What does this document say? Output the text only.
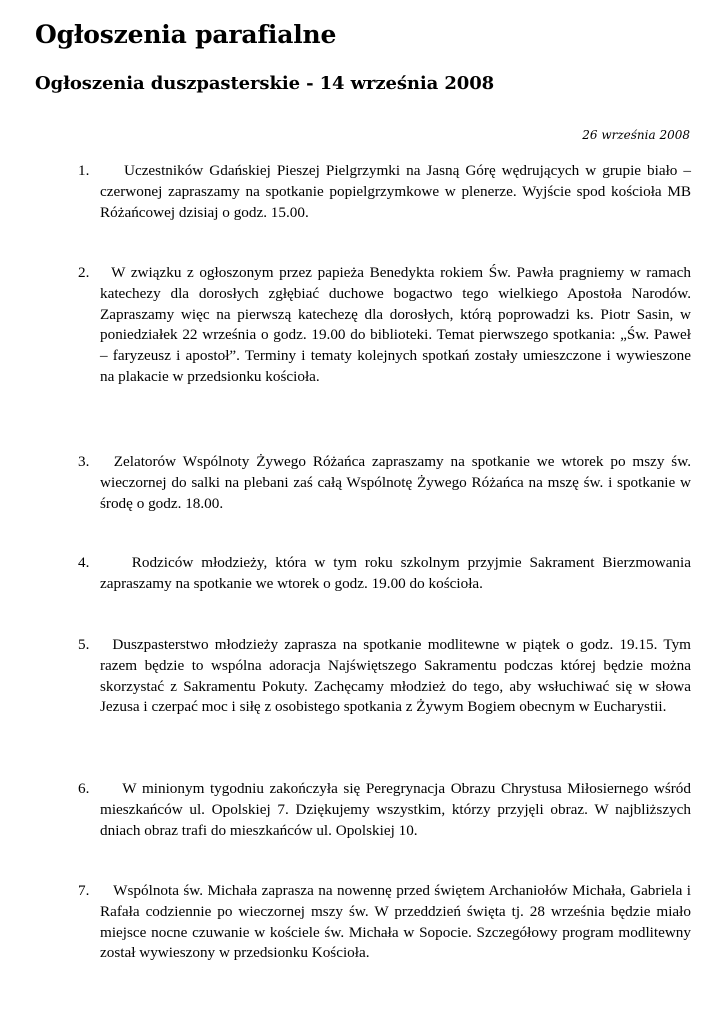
Ogłoszenia parafialne
Ogłoszenia duszpasterskie - 14 września 2008
26 września 2008
1. Uczestników Gdańskiej Pieszej Pielgrzymki na Jasną Górę wędrujących w grupie biało – czerwonej zapraszamy na spotkanie popielgrzymkowe w plenerze. Wyjście spod kościoła MB Różańcowej dzisiaj o godz. 15.00.
2. W związku z ogłoszonym przez papieża Benedykta rokiem Św. Pawła pragniemy w ramach katechezy dla dorosłych zgłębiać duchowe bogactwo tego wielkiego Apostoła Narodów. Zapraszamy więc na pierwszą katechezę dla dorosłych, którą poprowadzi ks. Piotr Sasin, w poniedziałek 22 września o godz. 19.00 do biblioteki. Temat pierwszego spotkania: „Św. Paweł – faryzeusz i apostoł”. Terminy i tematy kolejnych spotkań zostały umieszczone i wywieszone na plakacie w przedsionku kościoła.
3. Zelatorów Wspólnoty Żywego Różańca zapraszamy na spotkanie we wtorek po mszy św. wieczornej do salki na plebani zaś całą Wspólnotę Żywego Różańca na mszę św. i spotkanie w środę o godz. 18.00.
4. Rodziców młodzieży, która w tym roku szkolnym przyjmie Sakrament Bierzmowania zapraszamy na spotkanie we wtorek o godz. 19.00 do kościoła.
5. Duszpasterstwo młodzieży zaprasza na spotkanie modlitewne w piątek o godz. 19.15. Tym razem będzie to wspólna adoracja Najświętszego Sakramentu podczas której będzie można skorzystać z Sakramentu Pokuty. Zachęcamy młodzież do tego, aby wsłuchiwać się w słowa Jezusa i czerpać moc i siłę z osobistego spotkania z Żywym Bogiem obecnym w Eucharystii.
6. W minionym tygodniu zakończyła się Peregrynacja Obrazu Chrystusa Miłosiernego wśród mieszkańców ul. Opolskiej 7. Dziękujemy wszystkim, którzy przyjęli obraz. W najbliższych dniach obraz trafi do mieszkańców ul. Opolskiej 10.
7. Wspólnota św. Michała zaprasza na nowennę przed świętem Archaniołów Michała, Gabriela i Rafała codziennie po wieczornej mszy św. W przeddzień święta tj. 28 września będzie miało miejsce nocne czuwanie w kościele św. Michała w Sopocie. Szczegółowy program modlitewny został wywieszony w przedsionku Kościoła.
